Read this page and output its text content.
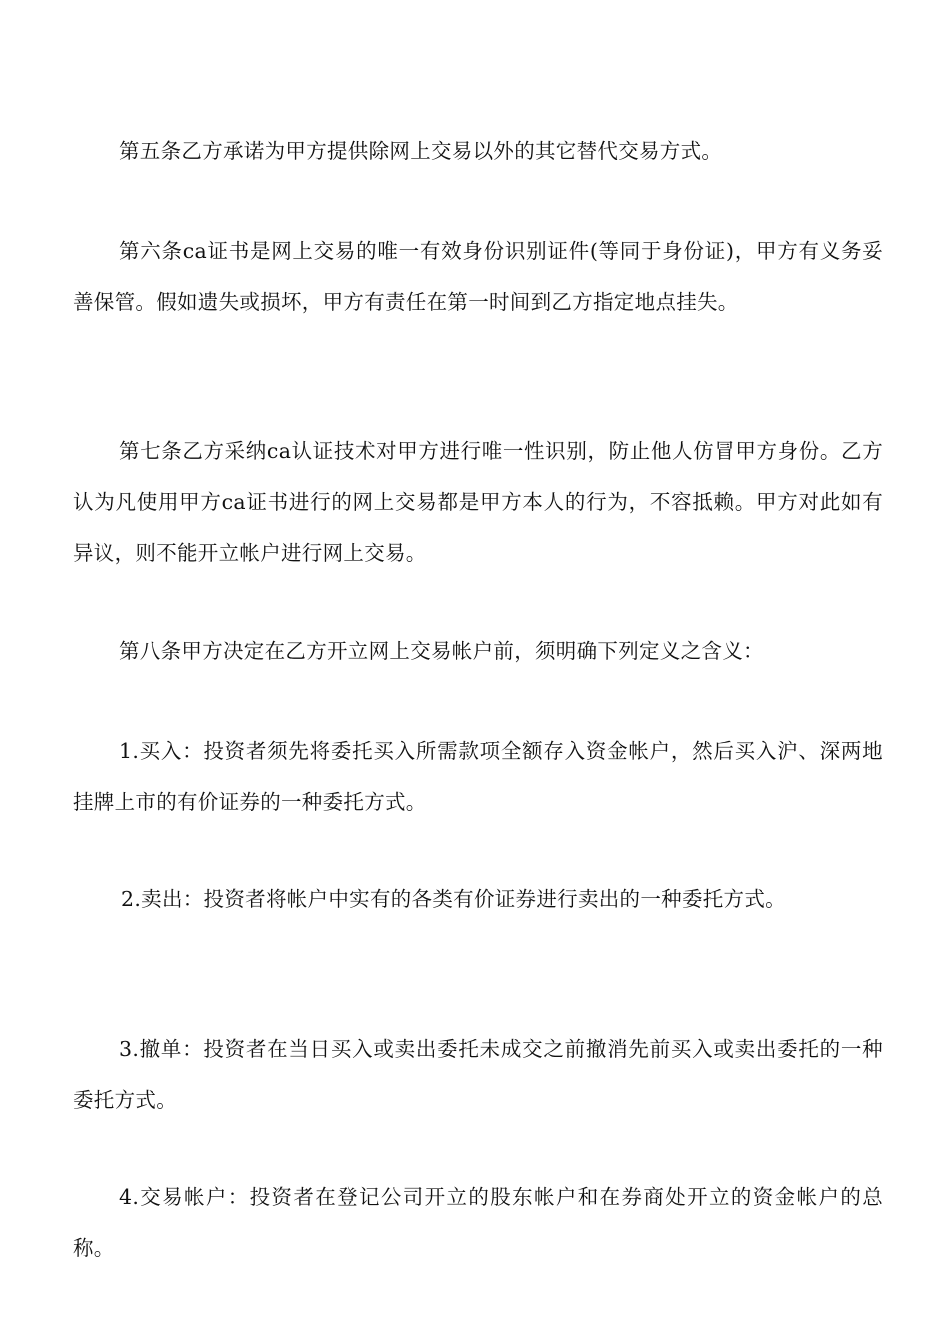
第五条乙方承诺为甲方提供除网上交易以外的其它替代交易方式。

第六条ca证书是网上交易的唯一有效身份识别证件(等同于身份证)，甲方有义务妥善保管。假如遗失或损坏，甲方有责任在第一时间到乙方指定地点挂失。

第七条乙方采纳ca认证技术对甲方进行唯一性识别，防止他人仿冒甲方身份。乙方认为凡使用甲方ca证书进行的网上交易都是甲方本人的行为，不容抵赖。甲方对此如有异议，则不能开立帐户进行网上交易。

第八条甲方决定在乙方开立网上交易帐户前，须明确下列定义之含义：

1.买入：投资者须先将委托买入所需款项全额存入资金帐户，然后买入沪、深两地挂牌上市的有价证券的一种委托方式。

2.卖出：投资者将帐户中实有的各类有价证券进行卖出的一种委托方式。

3.撤单：投资者在当日买入或卖出委托未成交之前撤消先前买入或卖出委托的一种委托方式。

4.交易帐户：投资者在登记公司开立的股东帐户和在券商处开立的资金帐户的总称。
